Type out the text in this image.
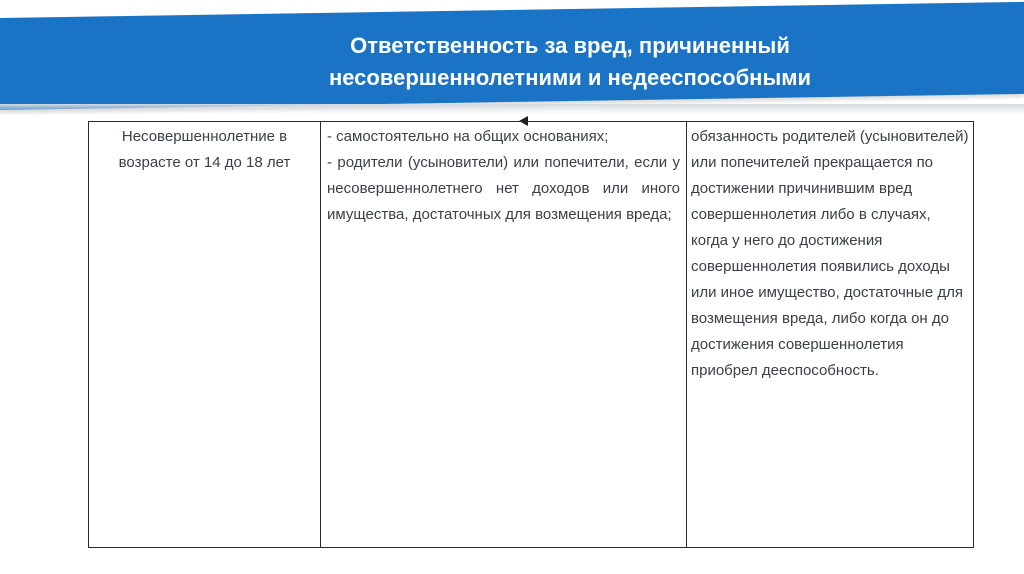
Ответственность за вред, причиненный
несовершеннолетними и недееспособными
Несовершеннолетние в возрасте от 14 до 18 лет

- самостоятельно на общих основаниях;

- родители (усыновители) или попечители, если у несовершеннолетнего нет доходов или иного имущества, достаточных для возмещения вреда;

обязанность родителей (усыновителей) или попечителей прекращается по достижении причинившим вред совершеннолетия либо в случаях, когда у него до достижения совершеннолетия появились доходы или иное имущество, достаточные для возмещения вреда, либо когда он до достижения совершеннолетия приобрел дееспособность.
